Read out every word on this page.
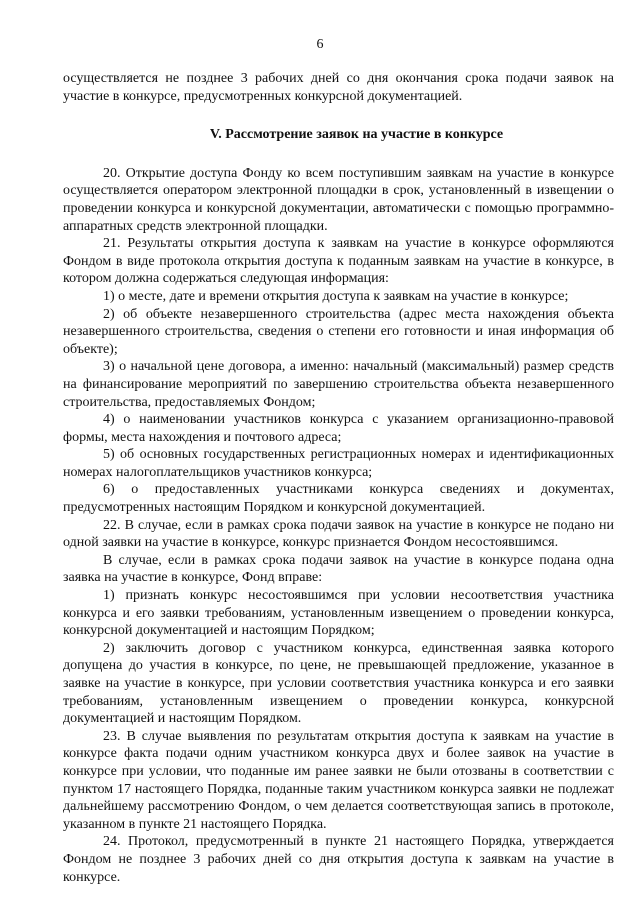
6

осуществляется не позднее 3 рабочих дней со дня окончания срока подачи заявок на участие в конкурсе, предусмотренных конкурсной документацией.

V. Рассмотрение заявок на участие в конкурсе

20. Открытие доступа Фонду ко всем поступившим заявкам на участие в конкурсе осуществляется оператором электронной площадки в срок, установленный в извещении о проведении конкурса и конкурсной документации, автоматически с помощью программно-аппаратных средств электронной площадки.

21. Результаты открытия доступа к заявкам на участие в конкурсе оформляются Фондом в виде протокола открытия доступа к поданным заявкам на участие в конкурсе, в котором должна содержаться следующая информация:

1) о месте, дате и времени открытия доступа к заявкам на участие в конкурсе;

2) об объекте незавершенного строительства (адрес места нахождения объекта незавершенного строительства, сведения о степени его готовности и иная информация об объекте);

3) о начальной цене договора, а именно: начальный (максимальный) размер средств на финансирование мероприятий по завершению строительства объекта незавершенного строительства, предоставляемых Фондом;

4) о наименовании участников конкурса с указанием организационно-правовой формы, места нахождения и почтового адреса;

5) об основных государственных регистрационных номерах и идентификационных номерах налогоплательщиков участников конкурса;

6) о предоставленных участниками конкурса сведениях и документах, предусмотренных настоящим Порядком и конкурсной документацией.

22. В случае, если в рамках срока подачи заявок на участие в конкурсе не подано ни одной заявки на участие в конкурсе, конкурс признается Фондом несостоявшимся.

В случае, если в рамках срока подачи заявок на участие в конкурсе подана одна заявка на участие в конкурсе, Фонд вправе:

1) признать конкурс несостоявшимся при условии несоответствия участника конкурса и его заявки требованиям, установленным извещением о проведении конкурса, конкурсной документацией и настоящим Порядком;

2) заключить договор с участником конкурса, единственная заявка которого допущена до участия в конкурсе, по цене, не превышающей предложение, указанное в заявке на участие в конкурсе, при условии соответствия участника конкурса и его заявки требованиям, установленным извещением о проведении конкурса, конкурсной документацией и настоящим Порядком.

23. В случае выявления по результатам открытия доступа к заявкам на участие в конкурсе факта подачи одним участником конкурса двух и более заявок на участие в конкурсе при условии, что поданные им ранее заявки не были отозваны в соответствии с пунктом 17 настоящего Порядка, поданные таким участником конкурса заявки не подлежат дальнейшему рассмотрению Фондом, о чем делается соответствующая запись в протоколе, указанном в пункте 21 настоящего Порядка.

24. Протокол, предусмотренный в пункте 21 настоящего Порядка, утверждается Фондом не позднее 3 рабочих дней со дня открытия доступа к заявкам на участие в конкурсе.
